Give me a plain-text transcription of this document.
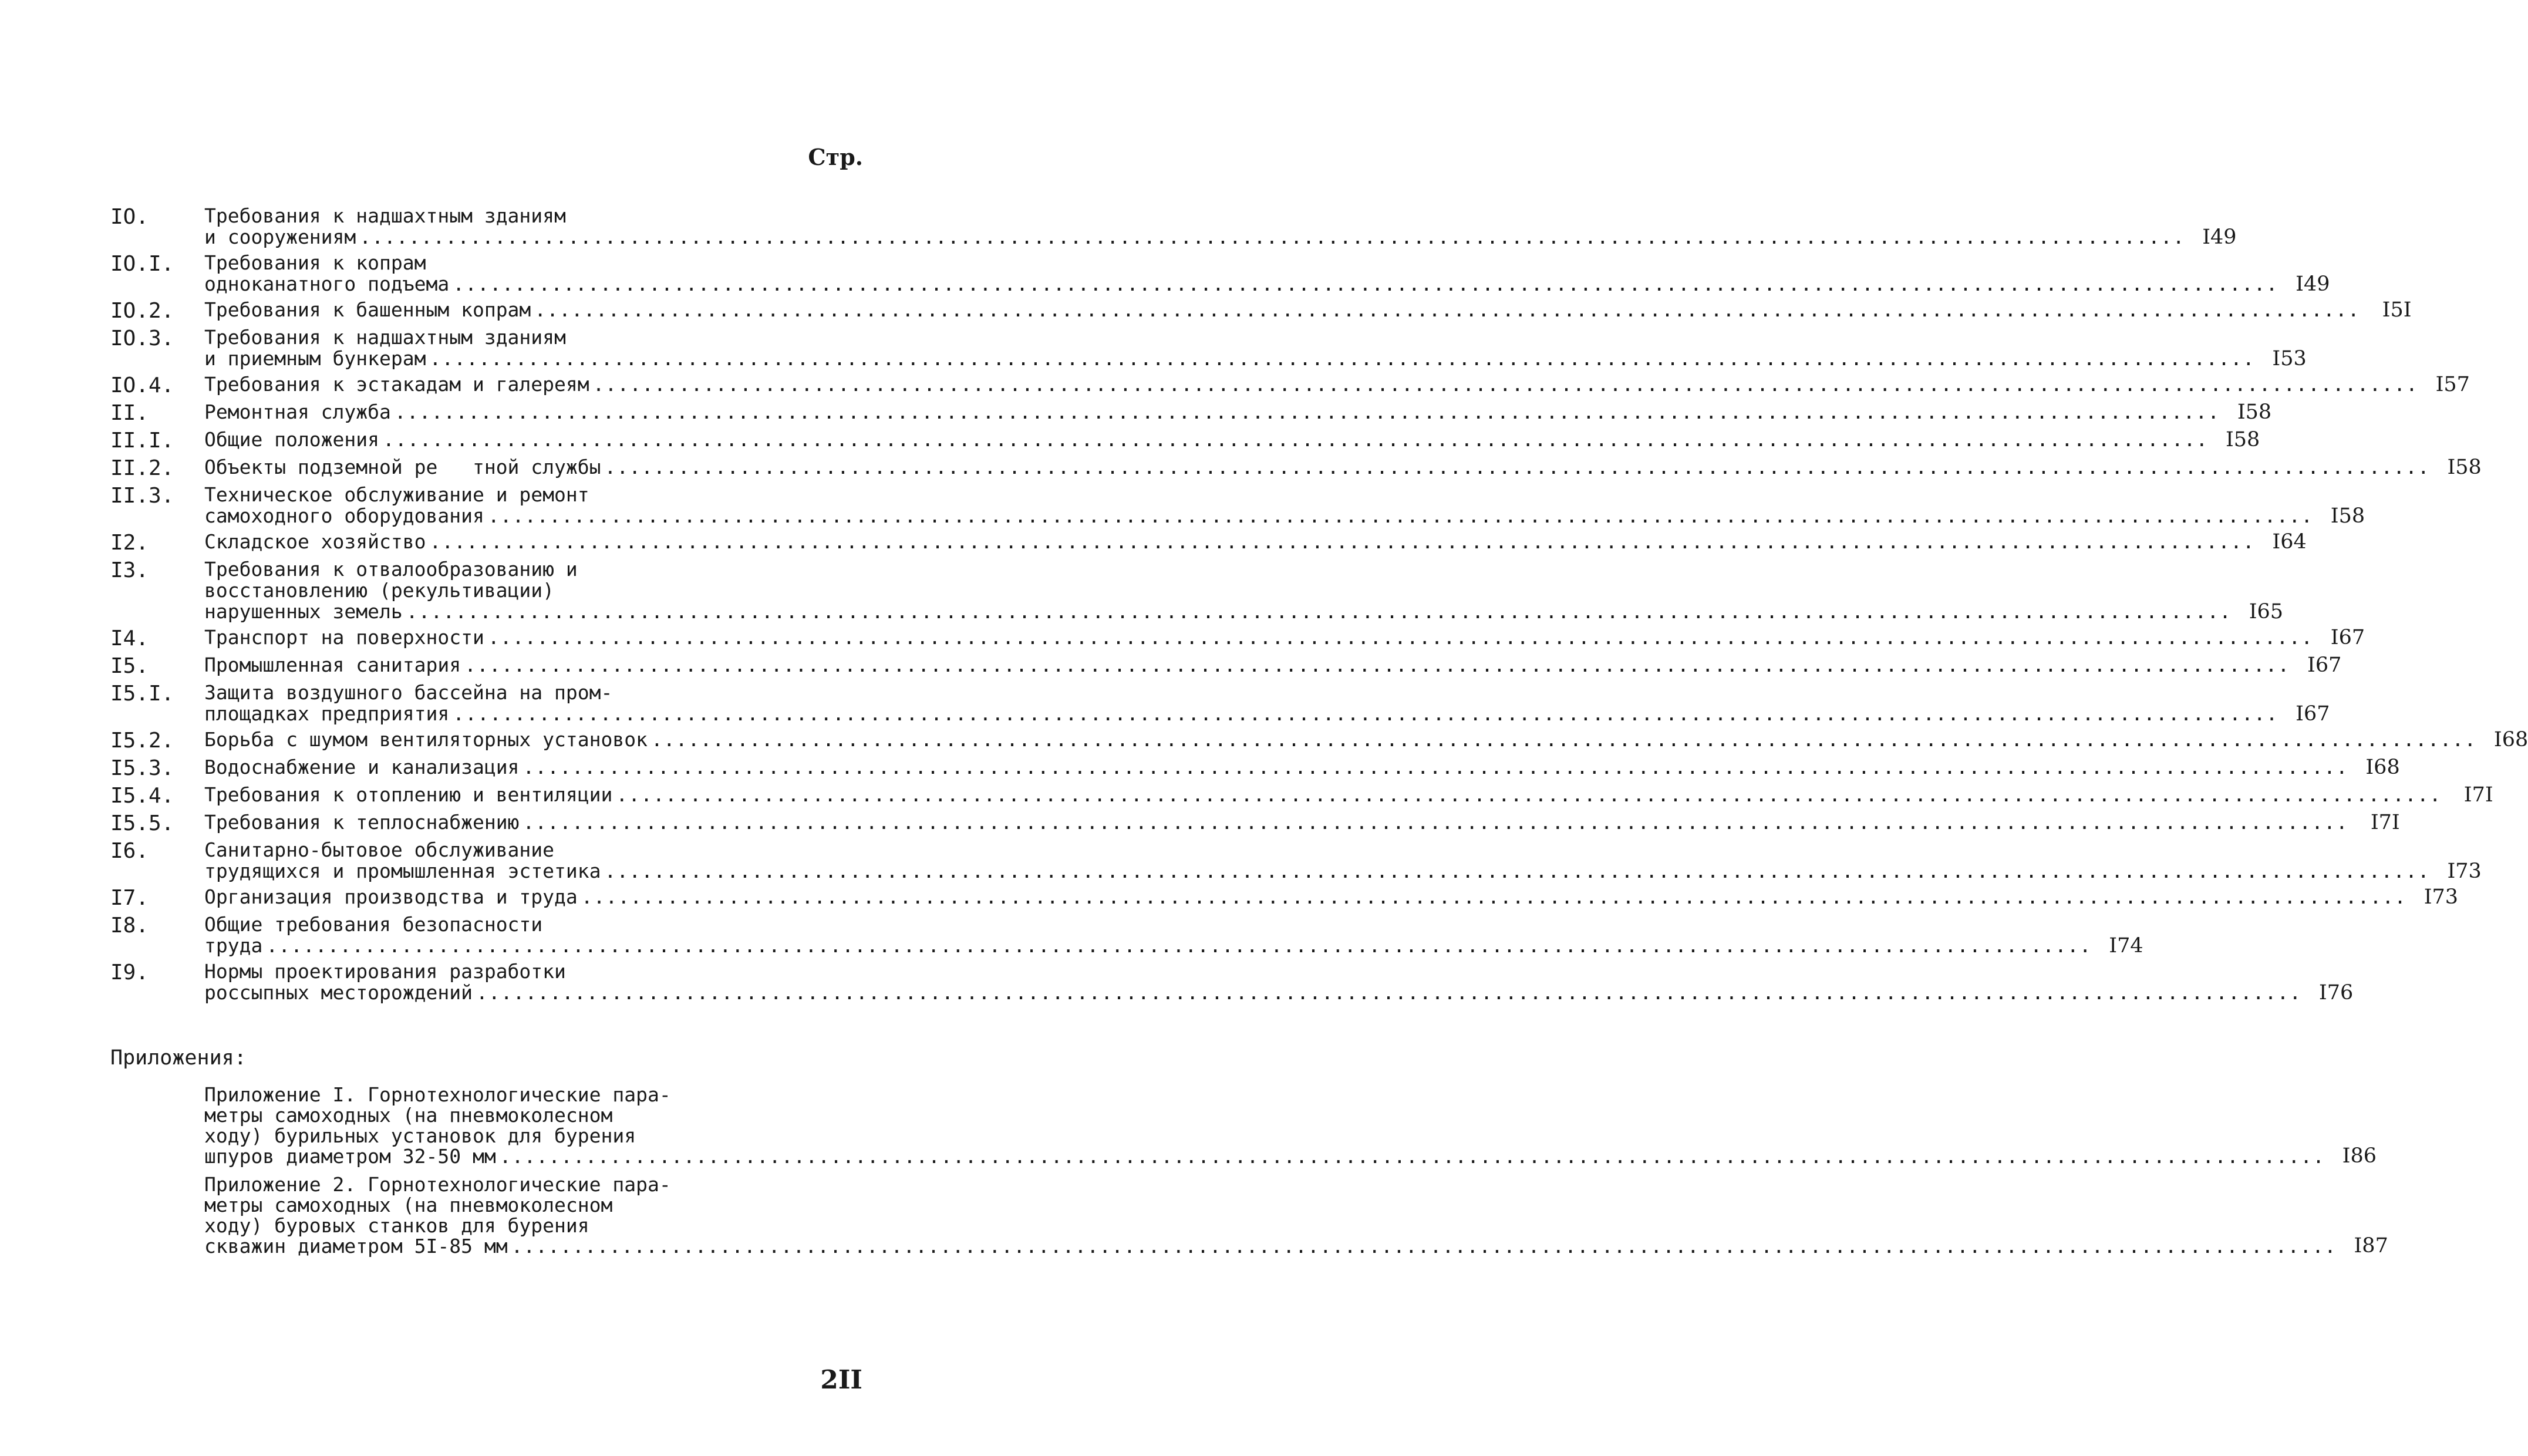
Стр.
IO.	Требования к надшахтным зданиям
и сооружениям .....	I49
IO.I.	Требования к копрам
одноканатного подъема .....	I49
IO.2.	Требования к башенным копрам .....	I5I
IO.3.	Требования к надшахтным зданиям
и приемным бункерам .....	I53
IO.4.	Требования к эстакадам и галереям .....	I57
II.	Ремонтная служба .....	I58
II.I.	Общие положения .....	I58
II.2.	Объекты подземной ре   тной службы .....	I58
II.3.	Техническое обслуживание и ремонт
самоходного оборудования .....	I58
I2.	Складское хозяйство .....	I64
I3.	Требования к отвалообразованию и
восстановлению (рекультивации)
нарушенных земель .....	I65
I4.	Транспорт на поверхности .....	I67
I5.	Промышленная санитария .....	I67
I5.I.	Защита воздушного бассейна на пром-
площадках предприятия .....	I67
I5.2.	Борьба с шумом вентиляторных установок .....	I68
I5.3.	Водоснабжение и канализация .....	I68
I5.4.	Требования к отоплению и вентиляции .....	I7I
I5.5.	Требования к теплоснабжению .....	I7I
I6.	Санитарно-бытовое обслуживание
трудящихся и промышленная эстетика .....	I73
I7.	Организация производства и труда .....	I73
I8.	Общие требования безопасности
труда .....	I74
I9.	Нормы проектирования разработки
россыпных месторождений .....	I76
Приложения:
Приложение I. Горнотехнологические пара-
метры самоходных (на пневмоколесном
ходу) бурильных установок для бурения
шпуров диаметром 32-50 мм .....	I86
Приложение 2. Горнотехнологические пара-
метры самоходных (на пневмоколесном
ходу) буровых станков для бурения
скважин диаметром 5I-85 мм .....	I87
2II
